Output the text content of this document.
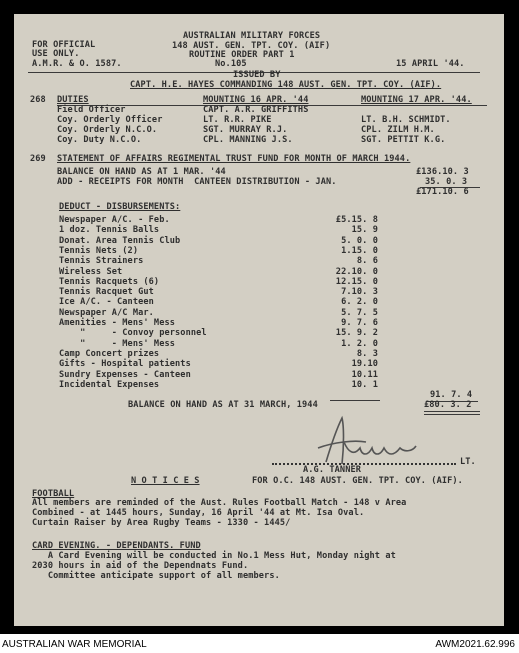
AUSTRALIAN MILITARY FORCES
FOR OFFICIAL	148 AUST. GEN. TPT. COY. (AIF)
USE ONLY.	ROUTINE ORDER PART 1
A.M.R. & O. 1587.	No.105	15 APRIL '44.
ISSUED BY
CAPT. H.E. HAYES COMMANDING 148 AUST. GEN. TPT. COY. (AIF).
268 DUTIES	MOUNTING 16 APR. '44	MOUNTING 17 APR. '44.
Field Officer	CAPT. A.R. GRIFFITHS
Coy. Orderly Officer	LT. R.R. PIKE	LT. B.H. SCHMIDT.
Coy. Orderly N.C.O.	SGT. MURRAY R.J.	CPL. ZILM H.M.
Coy. Duty N.C.O.	CPL. MANNING J.S.	SGT. PETTIT K.G.
269 STATEMENT OF AFFAIRS REGIMENTAL TRUST FUND FOR MONTH OF MARCH 1944.
BALANCE ON HAND AS AT 1 MAR. '44	£136.10. 3
ADD - RECEIPTS FOR MONTH  CANTEEN DISTRIBUTION - JAN.	35. 0. 3
£171.10. 6
DEDUCT - DISBURSEMENTS:
Newspaper A/C. - Feb.	£5.15. 8
1 doz. Tennis Balls	15. 9
Donat. Area Tennis Club	5. 0. 0
Tennis Nets (2)	1.15. 0
Tennis Strainers	8. 6
Wireless Set	22.10. 0
Tennis Racquets (6)	12.15. 0
Tennis Racquet Gut	7.10. 3
Ice A/C. - Canteen	6. 2. 0
Newspaper A/C Mar.	5. 7. 5
Amenities - Mens' Mess	9. 7. 6
"     - Convoy personnel	15. 9. 2
"     - Mens' Mess	1. 2. 0
Camp Concert prizes	8. 3
Gifts - Hospital patients	19.10
Sundry Expenses - Canteen	10.11
Incidental Expenses	10. 1
91. 7. 4
BALANCE ON HAND AS AT 31 MARCH, 1944	£80. 3. 2
A.G. TANNER
LT.
FOR O.C. 148 AUST. GEN. TPT. COY. (AIF).
N O T I C E S
FOOTBALL
All members are reminded of the Aust. Rules Football Match - 148 v Area
Combined - at 1445 hours, Sunday, 16 April '44 at Mt. Isa Oval.
Curtain Raiser by Area Rugby Teams - 1330 - 1445/
CARD EVENING. - DEPENDANTS. FUND
A Card Evening will be conducted in No.1 Mess Hut, Monday night at
2030 hours in aid of the Dependnats Fund.
Committee anticipate support of all members.
AUSTRALIAN WAR MEMORIAL	AWM2021.62.996
